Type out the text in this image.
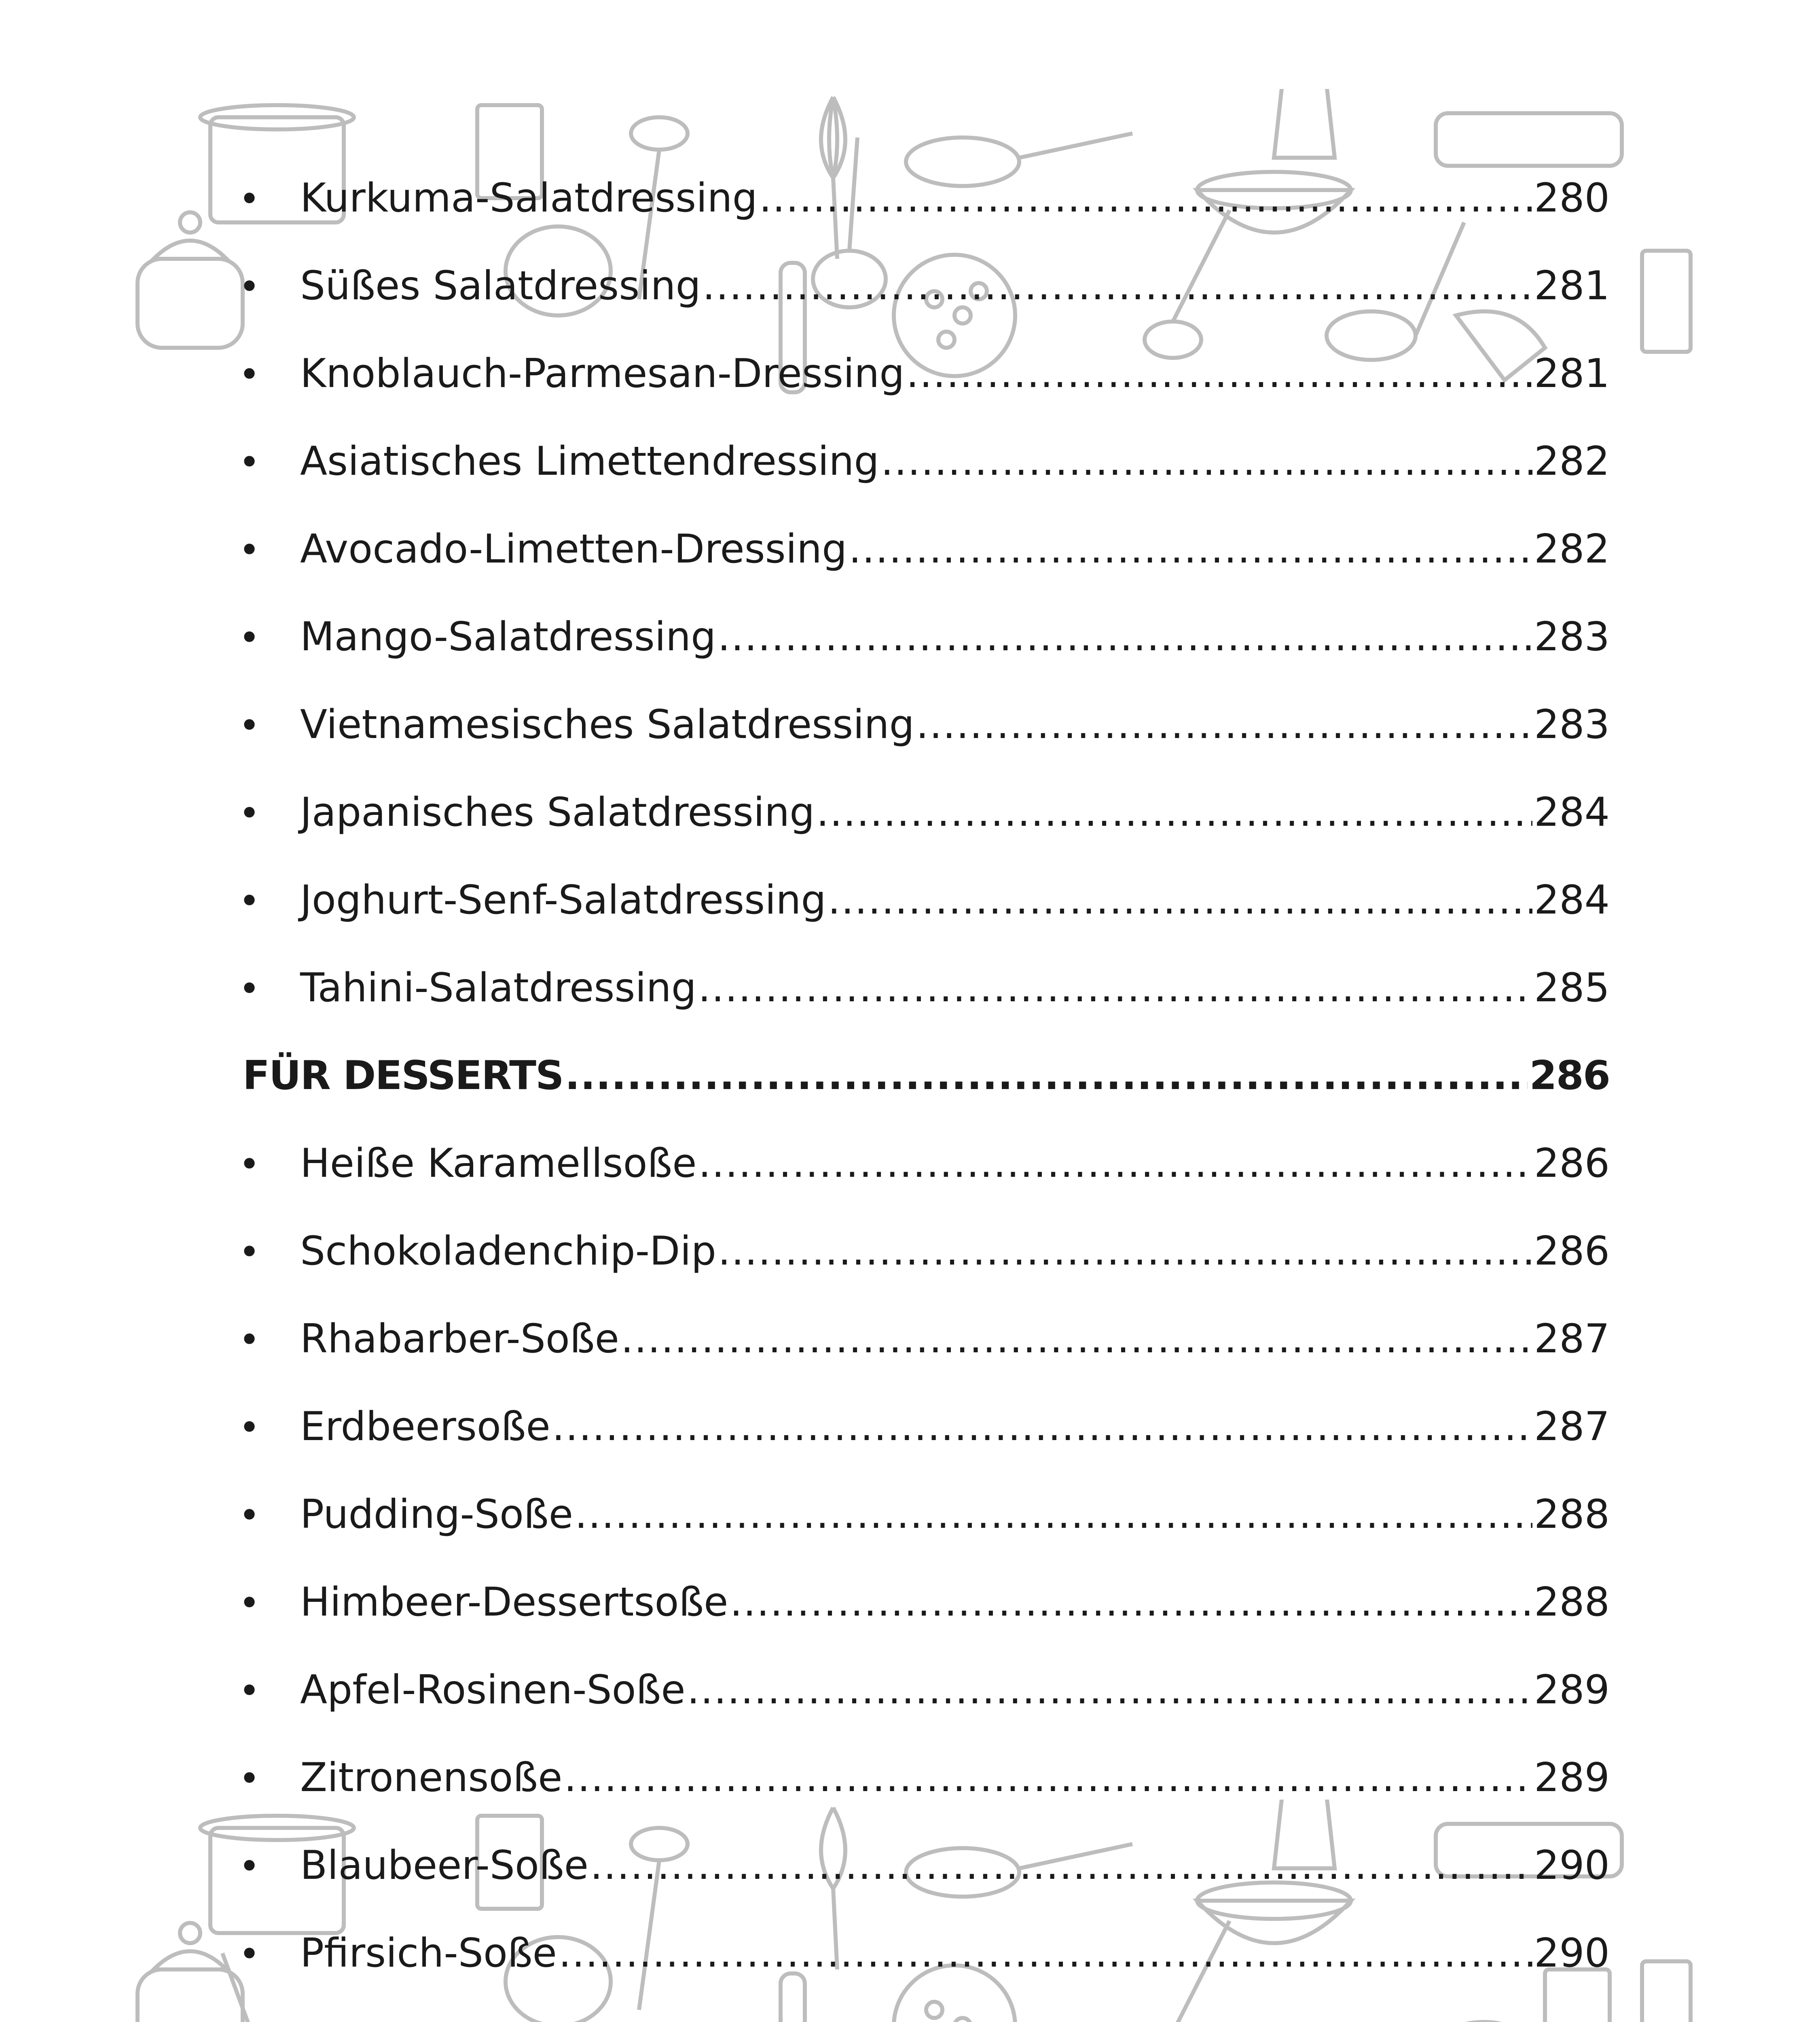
•	Kurkuma-Salatdressing .....	280
•	Süßes Salatdressing .....	281
•	Knoblauch-Parmesan-Dressing .....	281
•	Asiatisches Limettendressing .....	282
•	Avocado-Limetten-Dressing .....	282
•	Mango-Salatdressing .....	283
•	Vietnamesisches Salatdressing .....	283
•	Japanisches Salatdressing .....	284
•	Joghurt-Senf-Salatdressing .....	284
•	Tahini-Salatdressing .....	285
FÜR DESSERTS .....	286
•	Heiße Karamellsoße .....	286
•	Schokoladenchip-Dip .....	286
•	Rhabarber-Soße .....	287
•	Erdbeersoße .....	287
•	Pudding-Soße .....	288
•	Himbeer-Dessertsoße .....	288
•	Apfel-Rosinen-Soße .....	289
•	Zitronensoße .....	289
•	Blaubeer-Soße .....	290
•	Pfirsich-Soße .....	290
